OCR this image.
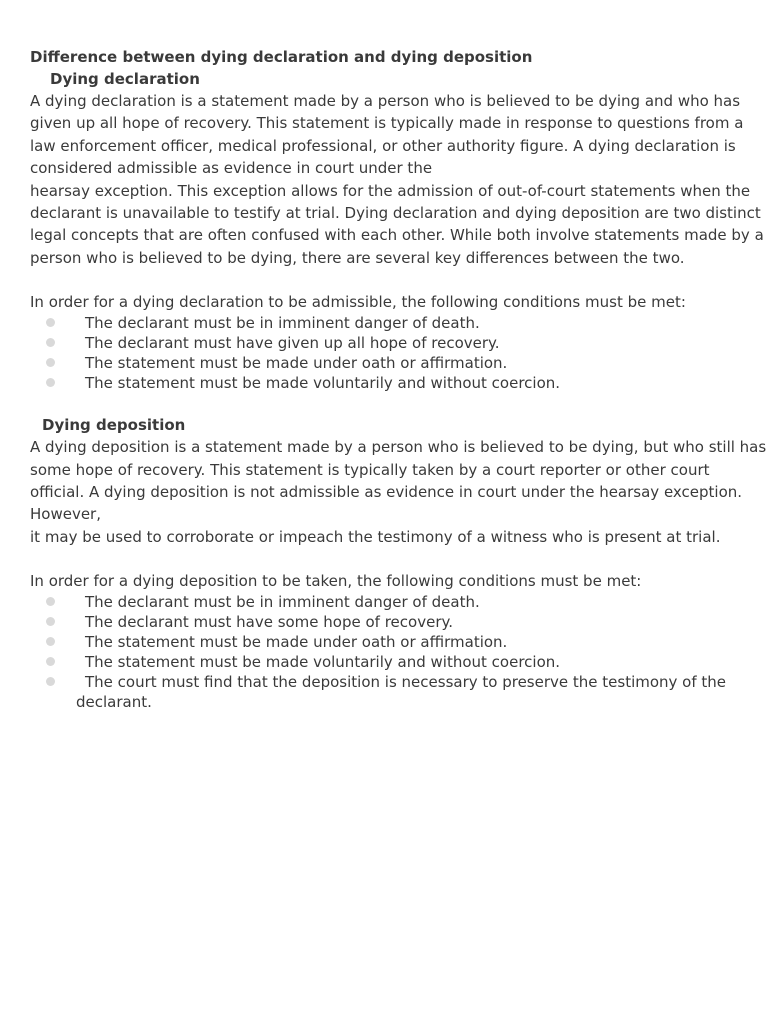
Difference between dying declaration and dying deposition

Dying declaration

A dying declaration is a statement made by a person who is believed to be dying and who has

given up all hope of recovery. This statement is typically made in response to questions from a

law enforcement officer, medical professional, or other authority figure. A dying declaration is

considered admissible as evidence in court under the

hearsay exception. This exception allows for the admission of out-of-court statements when the

declarant is unavailable to testify at trial. Dying declaration and dying deposition are two distinct

legal concepts that are often confused with each other. While both involve statements made by a

person who is believed to be dying, there are several key differences between the two.

In order for a dying declaration to be admissible, the following conditions must be met:

The declarant must be in imminent danger of death.
The declarant must have given up all hope of recovery.
The statement must be made under oath or affirmation.
The statement must be made voluntarily and without coercion.

Dying deposition

A dying deposition is a statement made by a person who is believed to be dying, but who still has

some hope of recovery. This statement is typically taken by a court reporter or other court

official. A dying deposition is not admissible as evidence in court under the hearsay exception.

However,

it may be used to corroborate or impeach the testimony of a witness who is present at trial.

In order for a dying deposition to be taken, the following conditions must be met:

The declarant must be in imminent danger of death.
The declarant must have some hope of recovery.
The statement must be made under oath or affirmation.
The statement must be made voluntarily and without coercion.
The court must find that the deposition is necessary to preserve the testimony of the
declarant.
